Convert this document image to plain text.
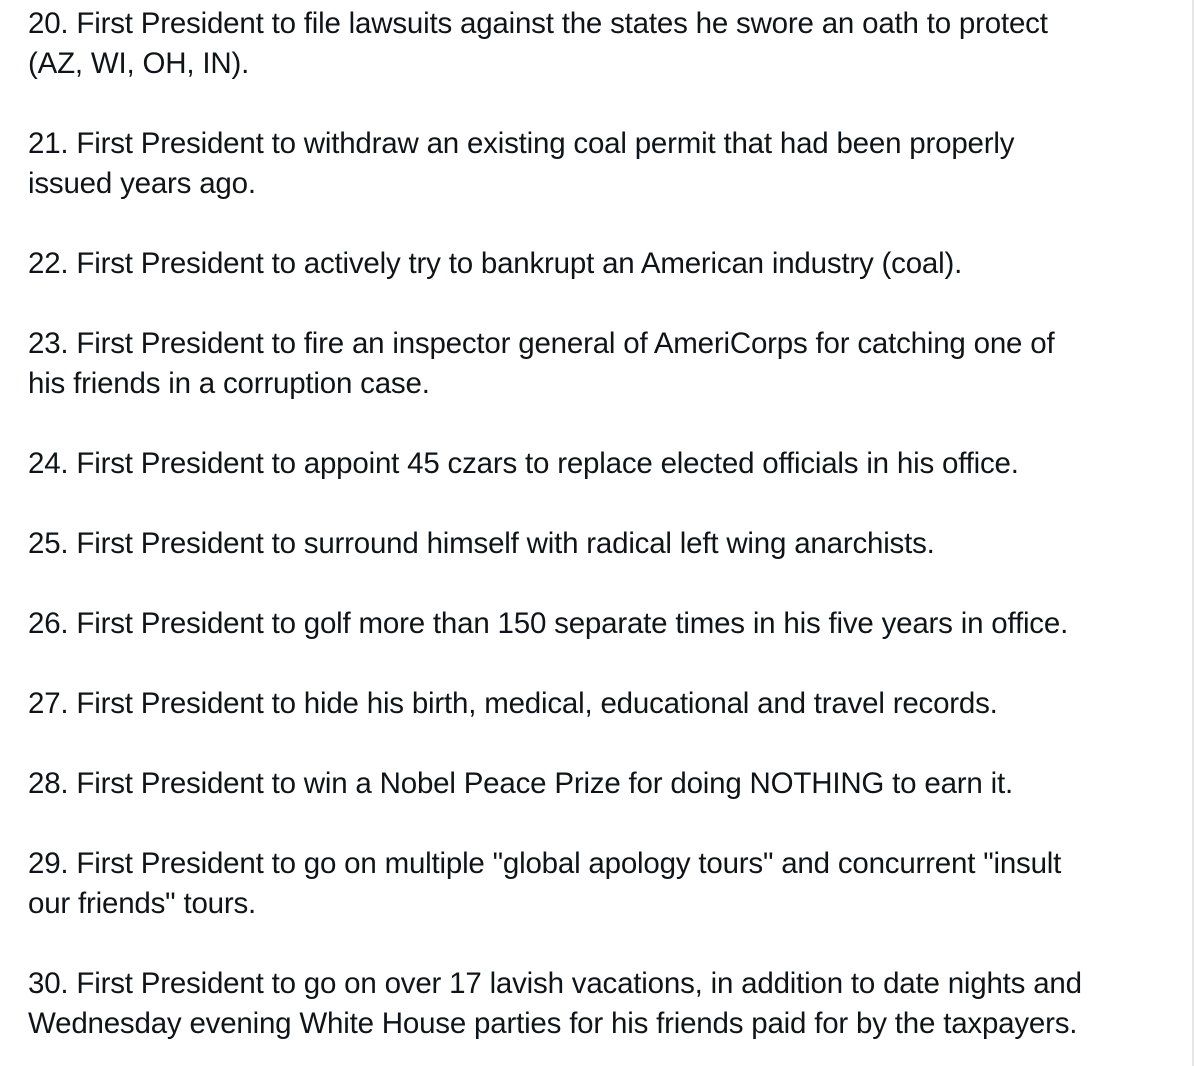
20. First President to file lawsuits against the states he swore an oath to protect
(AZ, WI, OH, IN).

21. First President to withdraw an existing coal permit that had been properly
issued years ago.

22. First President to actively try to bankrupt an American industry (coal).

23. First President to fire an inspector general of AmeriCorps for catching one of
his friends in a corruption case.

24. First President to appoint 45 czars to replace elected officials in his office.

25. First President to surround himself with radical left wing anarchists.

26. First President to golf more than 150 separate times in his five years in office.

27. First President to hide his birth, medical, educational and travel records.

28. First President to win a Nobel Peace Prize for doing NOTHING to earn it.

29. First President to go on multiple "global apology tours" and concurrent "insult
our friends" tours.

30. First President to go on over 17 lavish vacations, in addition to date nights and
Wednesday evening White House parties for his friends paid for by the taxpayers.
